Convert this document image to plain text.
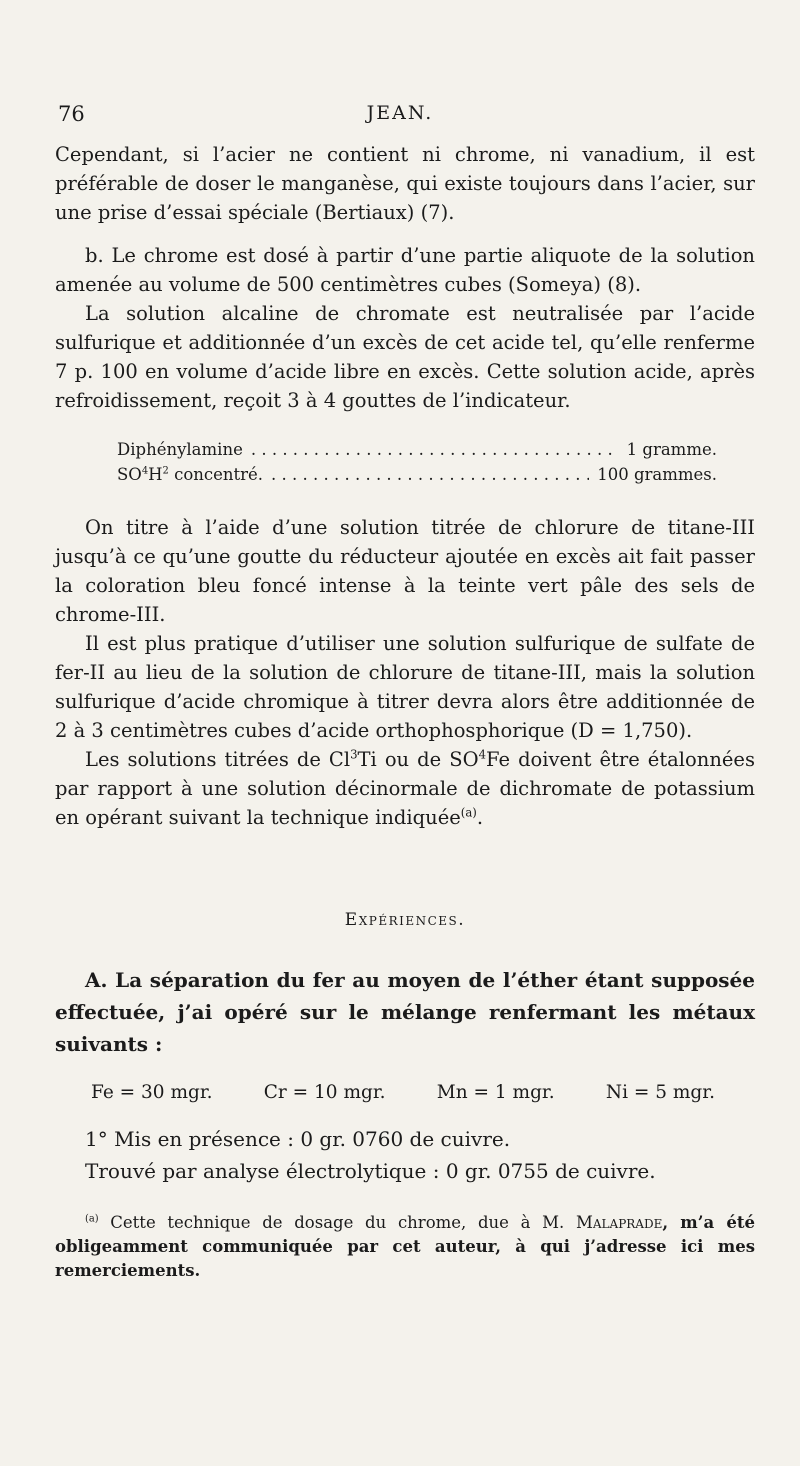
76	JEAN.

Cependant, si l’acier ne contient ni chrome, ni vanadium, il est préférable de doser le manganèse, qui existe toujours dans l’acier, sur une prise d’essai spéciale (Bertiaux) (7).

b. Le chrome est dosé à partir d’une partie aliquote de la solution amenée au volume de 500 centimètres cubes (Someya) (8).

La solution alcaline de chromate est neutralisée par l’acide sulfurique et additionnée d’un excès de cet acide tel, qu’elle renferme 7 p. 100 en volume d’acide libre en excès. Cette solution acide, après refroidissement, reçoit 3 à 4 gouttes de l’indicateur.

Diphénylamine . . .	1 gramme.
$SO^4H^2$ concentré. . . .	100 grammes.

On titre à l’aide d’une solution titrée de chlorure de titane-III jusqu’à ce qu’une goutte du réducteur ajoutée en excès ait fait passer la coloration bleu foncé intense à la teinte vert pâle des sels de chrome-III.

Il est plus pratique d’utiliser une solution sulfurique de sulfate de fer-II au lieu de la solution de chlorure de titane-III, mais la solution sulfurique d’acide chromique à titrer devra alors être additionnée de 2 à 3 centimètres cubes d’acide orthophosphorique (D = 1,750).

Les solutions titrées de Cl$^3$Ti ou de $SO^4Fe$ doivent être étalonnées par rapport à une solution décinormale de dichromate de potassium en opérant suivant la technique indiquée$^{(a)}$.

Expériences.

A. La séparation du fer au moyen de l’éther étant supposée effectuée, j’ai opéré sur le mélange renfermant les métaux suivants :

Fe = 30 mgr.	Cr = 10 mgr.	Mn = 1 mgr.	Ni = 5 mgr.

1° Mis en présence : 0 gr. 0760 de cuivre.

Trouvé par analyse électrolytique : 0 gr. 0755 de cuivre.

$^{(a)}$ Cette technique de dosage du chrome, due à M. Malaprade, m’a été obligeamment communiquée par cet auteur, à qui j’adresse ici mes remerciements.
